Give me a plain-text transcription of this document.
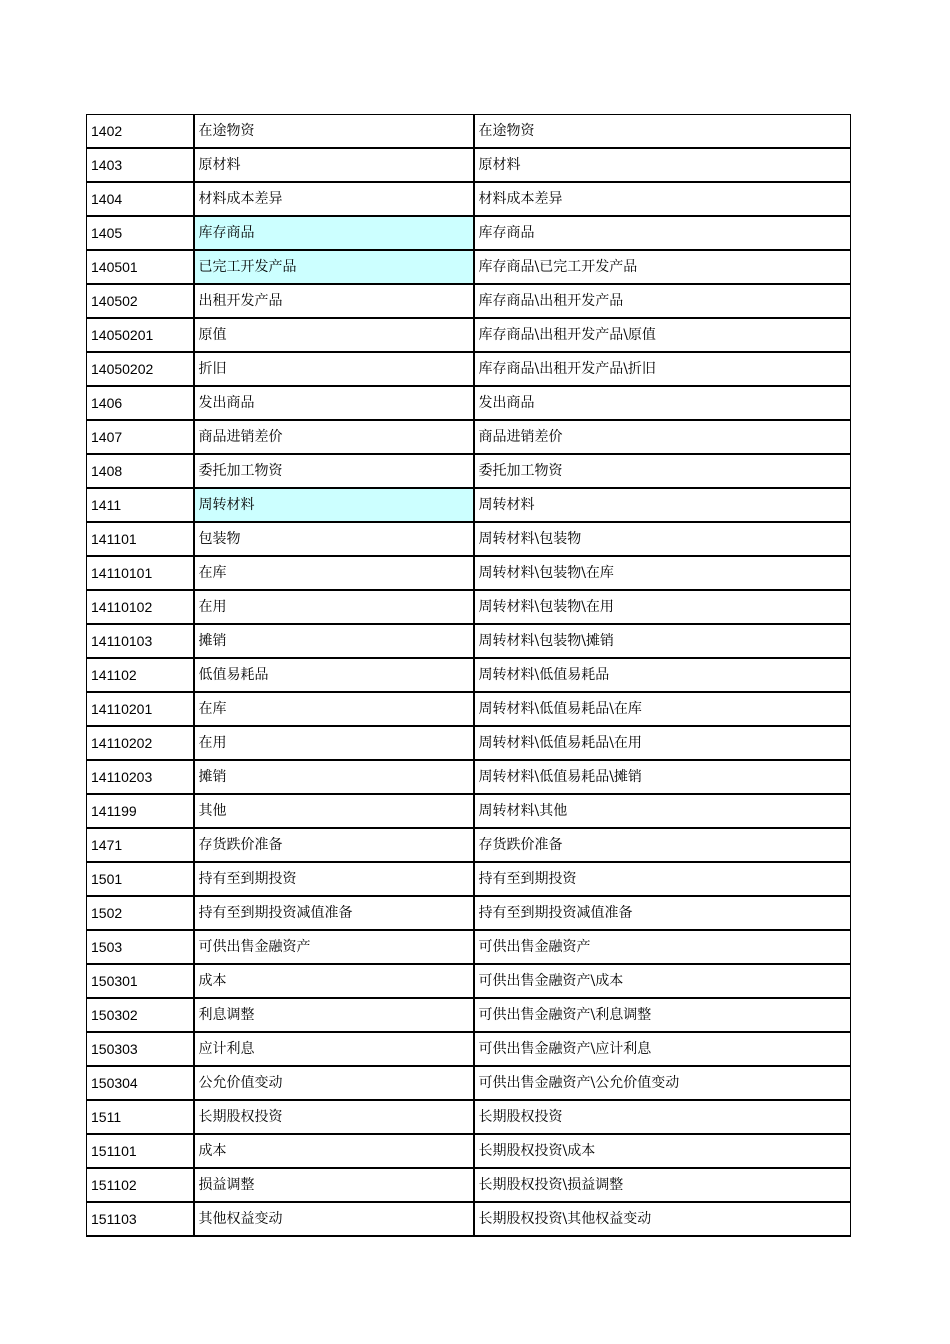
1402	在途物资	在途物资
1403	原材料	原材料
1404	材料成本差异	材料成本差异
1405	库存商品	库存商品
140501	已完工开发产品	库存商品\已完工开发产品
140502	出租开发产品	库存商品\出租开发产品
14050201	原值	库存商品\出租开发产品\原值
14050202	折旧	库存商品\出租开发产品\折旧
1406	发出商品	发出商品
1407	商品进销差价	商品进销差价
1408	委托加工物资	委托加工物资
1411	周转材料	周转材料
141101	包装物	周转材料\包装物
14110101	在库	周转材料\包装物\在库
14110102	在用	周转材料\包装物\在用
14110103	摊销	周转材料\包装物\摊销
141102	低值易耗品	周转材料\低值易耗品
14110201	在库	周转材料\低值易耗品\在库
14110202	在用	周转材料\低值易耗品\在用
14110203	摊销	周转材料\低值易耗品\摊销
141199	其他	周转材料\其他
1471	存货跌价准备	存货跌价准备
1501	持有至到期投资	持有至到期投资
1502	持有至到期投资减值准备	持有至到期投资减值准备
1503	可供出售金融资产	可供出售金融资产
150301	成本	可供出售金融资产\成本
150302	利息调整	可供出售金融资产\利息调整
150303	应计利息	可供出售金融资产\应计利息
150304	公允价值变动	可供出售金融资产\公允价值变动
1511	长期股权投资	长期股权投资
151101	成本	长期股权投资\成本
151102	损益调整	长期股权投资\损益调整
151103	其他权益变动	长期股权投资\其他权益变动
